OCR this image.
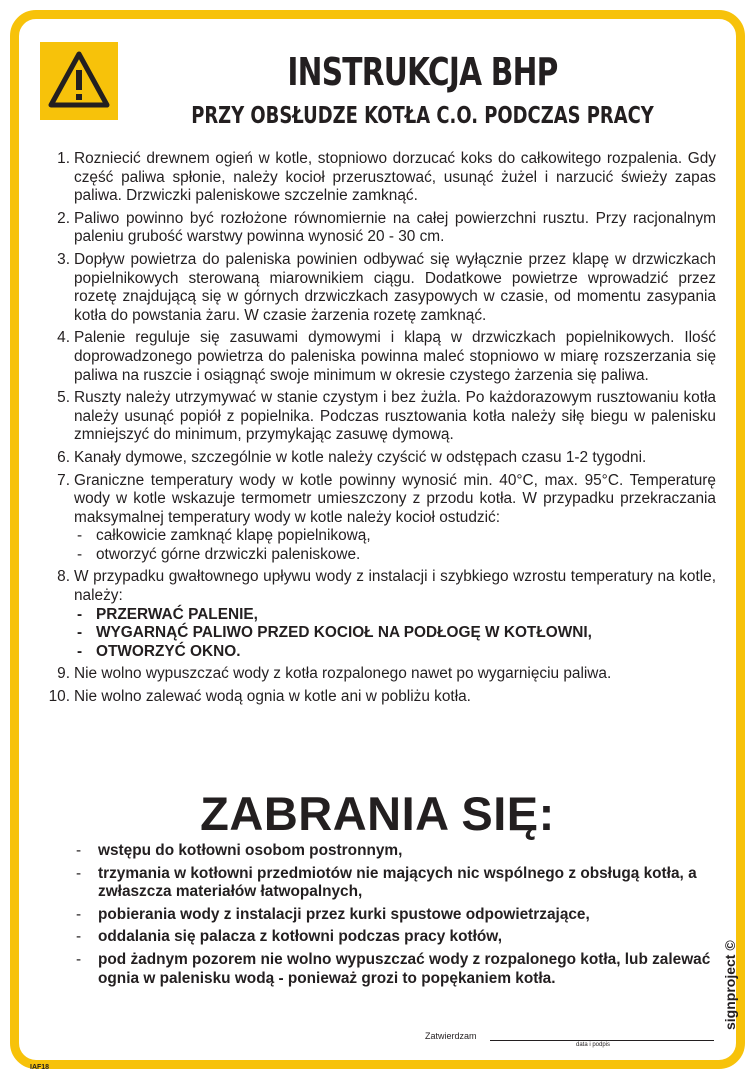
INSTRUKCJA BHP
PRZY OBSŁUDZE KOTŁA C.O. PODCZAS PRACY
1. Rozniecić drewnem ogień w kotle, stopniowo dorzucać koks do całkowitego rozpalenia. Gdy część paliwa spłonie, należy kocioł przerusztować, usunąć żużel i narzucić świeży zapas paliwa. Drzwiczki paleniskowe szczelnie zamknąć.
2. Paliwo powinno być rozłożone równomiernie na całej powierzchni rusztu. Przy racjonalnym paleniu grubość warstwy powinna wynosić 20 - 30 cm.
3. Dopływ powietrza do paleniska powinien odbywać się wyłącznie przez klapę w drzwiczkach popielnikowych sterowaną miarownikiem ciągu. Dodatkowe powietrze wprowadzić przez rozetę znajdującą się w górnych drzwiczkach zasypowych w czasie, od momentu zasypania kotła do powstania żaru. W czasie żarzenia rozetę zamknąć.
4. Palenie reguluje się zasuwami dymowymi i klapą w drzwiczkach popielnikowych. Ilość doprowadzonego powietrza do paleniska powinna maleć stopniowo w miarę rozszerzania się paliwa na ruszcie i osiągnąć swoje minimum w okresie czystego żarzenia się paliwa.
5. Ruszty należy utrzymywać w stanie czystym i bez żużla. Po każdorazowym rusztowaniu kotła należy usunąć popiół z popielnika. Podczas rusztowania kotła należy siłę biegu w palenisku zmniejszyć do minimum, przymykając zasuwę dymową.
6. Kanały dymowe, szczególnie w kotle należy czyścić w odstępach czasu 1-2 tygodni.
7. Graniczne temperatury wody w kotle powinny wynosić min. 40°C, max. 95°C. Temperaturę wody w kotle wskazuje termometr umieszczony z przodu kotła. W przypadku przekraczania maksymalnej temperatury wody w kotle należy kocioł ostudzić:
- całkowicie zamknąć klapę popielnikową,
- otworzyć górne drzwiczki paleniskowe.
8. W przypadku gwałtownego upływu wody z instalacji i szybkiego wzrostu temperatury na kotle, należy:
- PRZERWAĆ PALENIE,
- WYGARNĄĆ PALIWO PRZED KOCIOŁ NA PODŁOGĘ W KOTŁOWNI,
- OTWORZYĆ OKNO.
9. Nie wolno wypuszczać wody z kotła rozpalonego nawet po wygarnięciu paliwa.
10. Nie wolno zalewać wodą ognia w kotle ani w pobliżu kotła.
ZABRANIA SIĘ:
- wstępu do kotłowni osobom postronnym,
- trzymania w kotłowni przedmiotów nie mających nic wspólnego z obsługą kotła, a zwłaszcza materiałów łatwopalnych,
- pobierania wody z instalacji przez kurki spustowe odpowietrzające,
- oddalania się palacza z kotłowni podczas pracy kotłów,
- pod żadnym pozorem nie wolno wypuszczać wody z rozpalonego kotła, lub zalewać ognia w palenisku wodą - ponieważ grozi to popękaniem kotła.	signproject ©
Zatwierdzam
data i podpis
IAF18
